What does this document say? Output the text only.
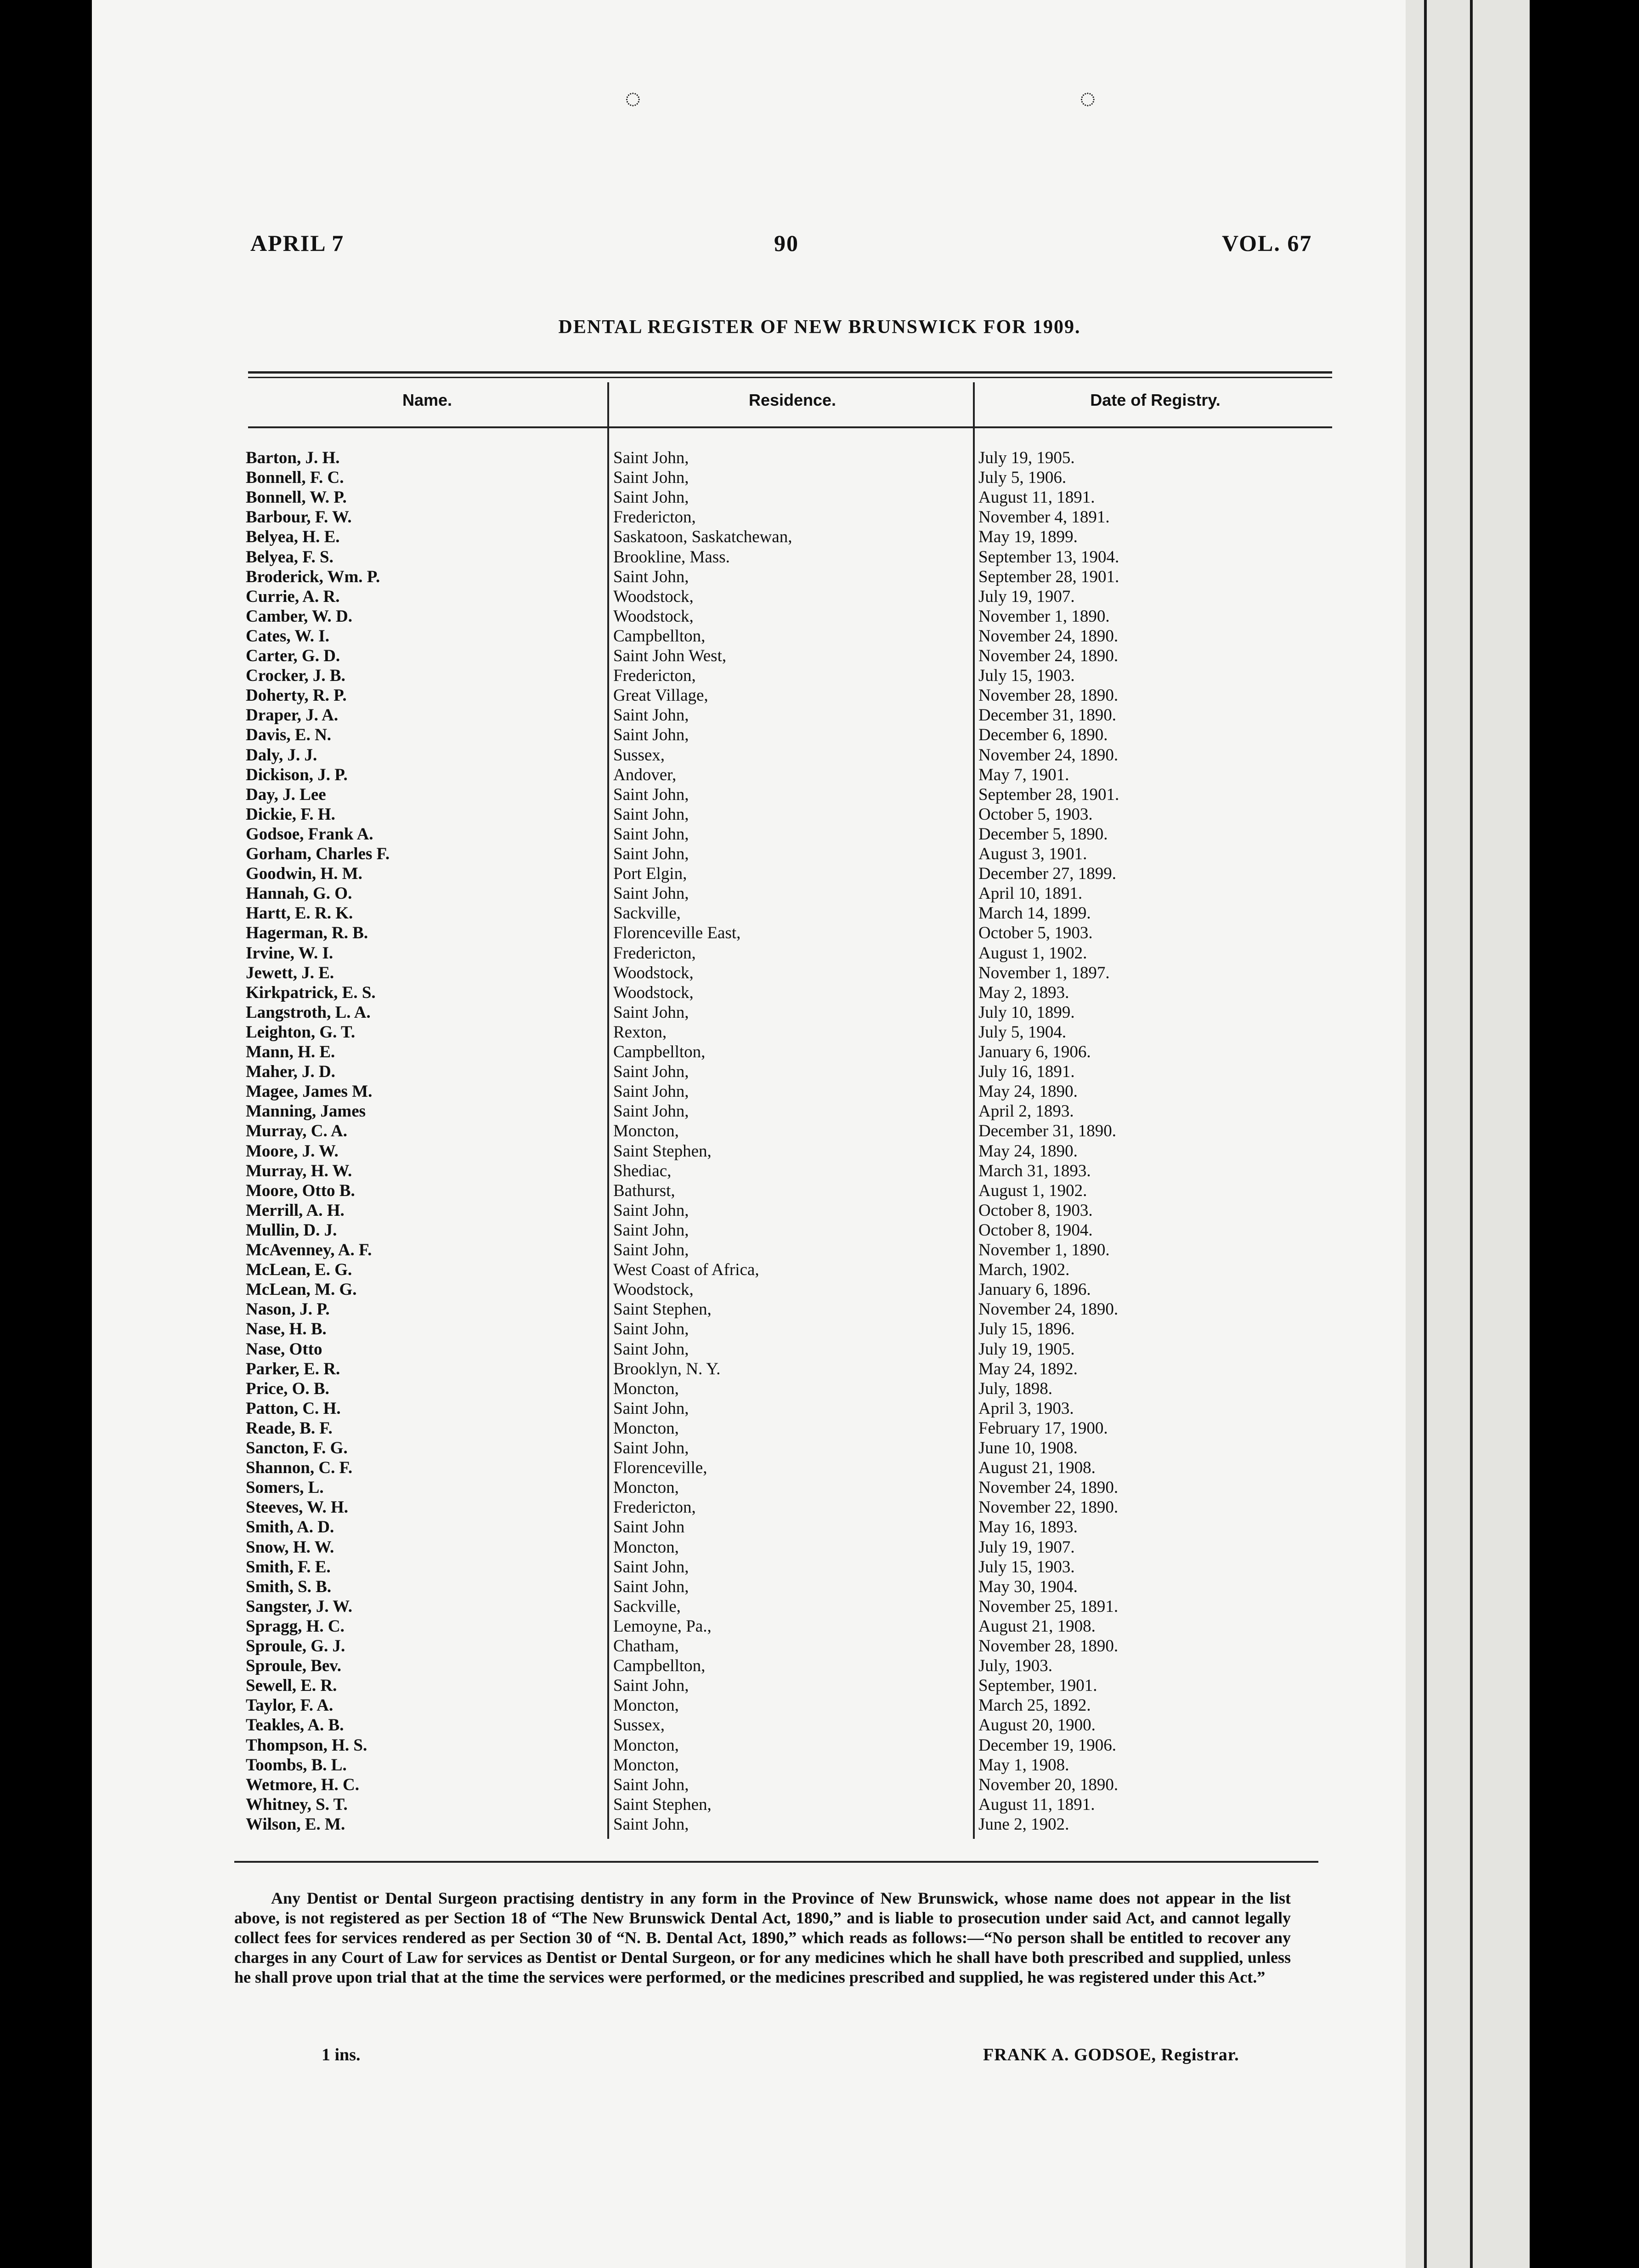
◌	◌
APRIL 7	90	VOL. 67
DENTAL REGISTER OF NEW BRUNSWICK FOR 1909.
Name.	Residence.	Date of Registry.
Barton, J. H.	Saint John,	July 19, 1905.
Bonnell, F. C.	Saint John,	July 5, 1906.
Bonnell, W. P.	Saint John,	August 11, 1891.
Barbour, F. W.	Fredericton,	November 4, 1891.
Belyea, H. E.	Saskatoon, Saskatchewan,	May 19, 1899.
Belyea, F. S.	Brookline, Mass.	September 13, 1904.
Broderick, Wm. P.	Saint John,	September 28, 1901.
Currie, A. R.	Woodstock,	July 19, 1907.
Camber, W. D.	Woodstock,	November 1, 1890.
Cates, W. I.	Campbellton,	November 24, 1890.
Carter, G. D.	Saint John West,	November 24, 1890.
Crocker, J. B.	Fredericton,	July 15, 1903.
Doherty, R. P.	Great Village,	November 28, 1890.
Draper, J. A.	Saint John,	December 31, 1890.
Davis, E. N.	Saint John,	December 6, 1890.
Daly, J. J.	Sussex,	November 24, 1890.
Dickison, J. P.	Andover,	May 7, 1901.
Day, J. Lee	Saint John,	September 28, 1901.
Dickie, F. H.	Saint John,	October 5, 1903.
Godsoe, Frank A.	Saint John,	December 5, 1890.
Gorham, Charles F.	Saint John,	August 3, 1901.
Goodwin, H. M.	Port Elgin,	December 27, 1899.
Hannah, G. O.	Saint John,	April 10, 1891.
Hartt, E. R. K.	Sackville,	March 14, 1899.
Hagerman, R. B.	Florenceville East,	October 5, 1903.
Irvine, W. I.	Fredericton,	August 1, 1902.
Jewett, J. E.	Woodstock,	November 1, 1897.
Kirkpatrick, E. S.	Woodstock,	May 2, 1893.
Langstroth, L. A.	Saint John,	July 10, 1899.
Leighton, G. T.	Rexton,	July 5, 1904.
Mann, H. E.	Campbellton,	January 6, 1906.
Maher, J. D.	Saint John,	July 16, 1891.
Magee, James M.	Saint John,	May 24, 1890.
Manning, James	Saint John,	April 2, 1893.
Murray, C. A.	Moncton,	December 31, 1890.
Moore, J. W.	Saint Stephen,	May 24, 1890.
Murray, H. W.	Shediac,	March 31, 1893.
Moore, Otto B.	Bathurst,	August 1, 1902.
Merrill, A. H.	Saint John,	October 8, 1903.
Mullin, D. J.	Saint John,	October 8, 1904.
McAvenney, A. F.	Saint John,	November 1, 1890.
McLean, E. G.	West Coast of Africa,	March, 1902.
McLean, M. G.	Woodstock,	January 6, 1896.
Nason, J. P.	Saint Stephen,	November 24, 1890.
Nase, H. B.	Saint John,	July 15, 1896.
Nase, Otto	Saint John,	July 19, 1905.
Parker, E. R.	Brooklyn, N. Y.	May 24, 1892.
Price, O. B.	Moncton,	July, 1898.
Patton, C. H.	Saint John,	April 3, 1903.
Reade, B. F.	Moncton,	February 17, 1900.
Sancton, F. G.	Saint John,	June 10, 1908.
Shannon, C. F.	Florenceville,	August 21, 1908.
Somers, L.	Moncton,	November 24, 1890.
Steeves, W. H.	Fredericton,	November 22, 1890.
Smith, A. D.	Saint John	May 16, 1893.
Snow, H. W.	Moncton,	July 19, 1907.
Smith, F. E.	Saint John,	July 15, 1903.
Smith, S. B.	Saint John,	May 30, 1904.
Sangster, J. W.	Sackville,	November 25, 1891.
Spragg, H. C.	Lemoyne, Pa.,	August 21, 1908.
Sproule, G. J.	Chatham,	November 28, 1890.
Sproule, Bev.	Campbellton,	July, 1903.
Sewell, E. R.	Saint John,	September, 1901.
Taylor, F. A.	Moncton,	March 25, 1892.
Teakles, A. B.	Sussex,	August 20, 1900.
Thompson, H. S.	Moncton,	December 19, 1906.
Toombs, B. L.	Moncton,	May 1, 1908.
Wetmore, H. C.	Saint John,	November 20, 1890.
Whitney, S. T.	Saint Stephen,	August 11, 1891.
Wilson, E. M.	Saint John,	June 2, 1902.
Any Dentist or Dental Surgeon practising dentistry in any form in the Province of New Brunswick, whose name does not appear in the list above, is not registered as per Section 18 of “The New Brunswick Dental Act, 1890,” and is liable to prosecution under said Act, and cannot legally collect fees for services rendered as per Section 30 of “N. B. Dental Act, 1890,” which reads as follows:—“No person shall be entitled to recover any charges in any Court of Law for services as Dentist or Dental Surgeon, or for any medicines which he shall have both prescribed and supplied, unless he shall prove upon trial that at the time the services were performed, or the medicines prescribed and supplied, he was registered under this Act.”
1 ins.	FRANK A. GODSOE, Registrar.
